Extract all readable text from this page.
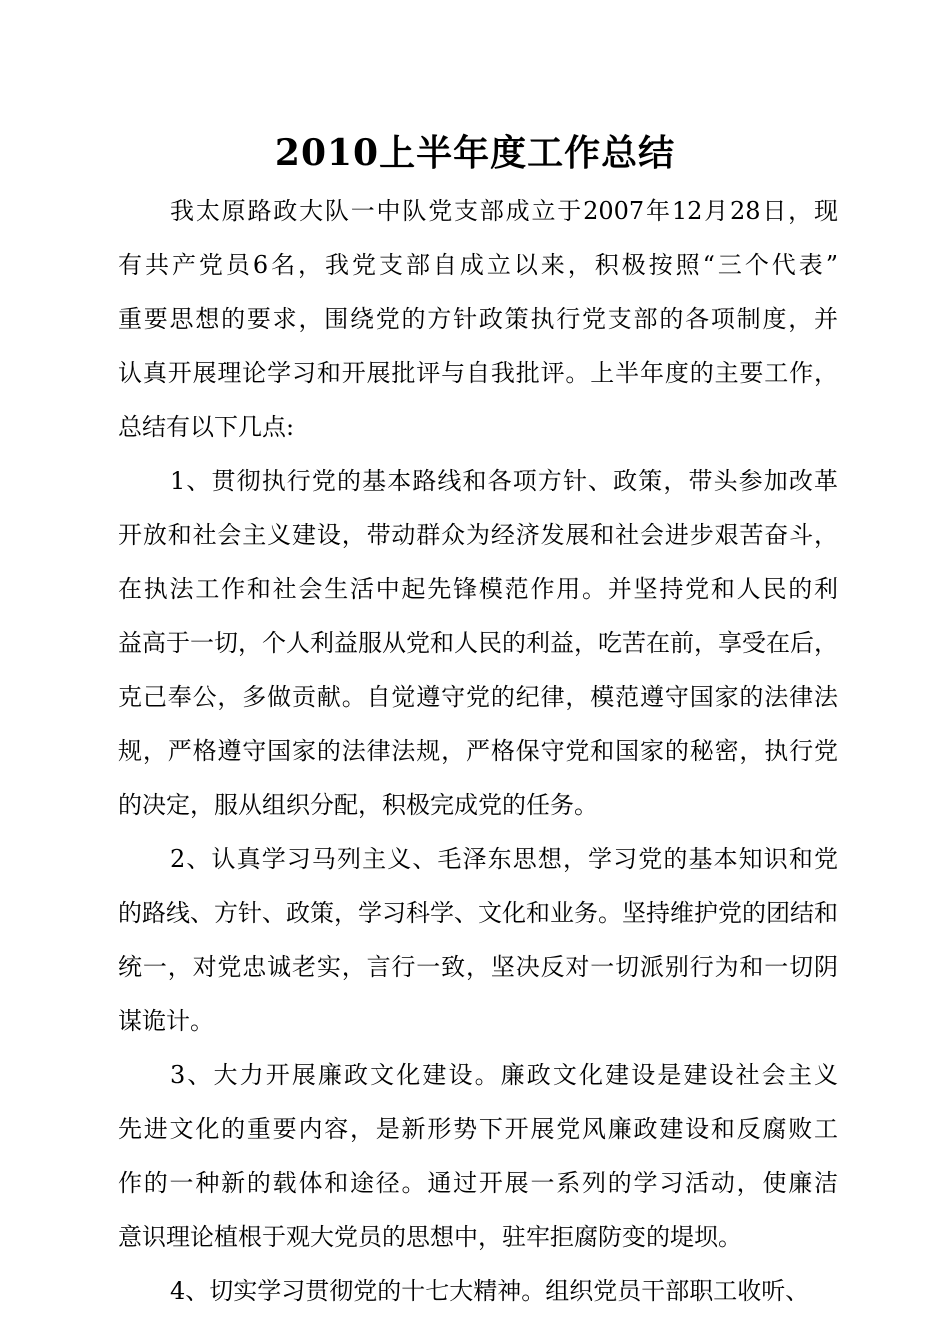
2010上半年度工作总结
我太原路政大队一中队党支部成立于2007年12月28日，现
有共产党员6名，我党支部自成立以来，积极按照“三个代表”
重要思想的要求，围绕党的方针政策执行党支部的各项制度，并
认真开展理论学习和开展批评与自我批评。上半年度的主要工作，
总结有以下几点:
1、贯彻执行党的基本路线和各项方针、政策，带头参加改革
开放和社会主义建设，带动群众为经济发展和社会进步艰苦奋斗，
在执法工作和社会生活中起先锋模范作用。并坚持党和人民的利
益高于一切，个人利益服从党和人民的利益，吃苦在前，享受在后，
克己奉公，多做贡献。自觉遵守党的纪律，模范遵守国家的法律法
规，严格遵守国家的法律法规，严格保守党和国家的秘密，执行党
的决定，服从组织分配，积极完成党的任务。
2、认真学习马列主义、毛泽东思想，学习党的基本知识和党
的路线、方针、政策，学习科学、文化和业务。坚持维护党的团结和
统一，对党忠诚老实，言行一致，坚决反对一切派别行为和一切阴
谋诡计。
3、大力开展廉政文化建设。廉政文化建设是建设社会主义
先进文化的重要内容，是新形势下开展党风廉政建设和反腐败工
作的一种新的载体和途径。通过开展一系列的学习活动，使廉洁
意识理论植根于观大党员的思想中，驻牢拒腐防变的堤坝。
4、切实学习贯彻党的十七大精神。组织党员干部职工收听、
